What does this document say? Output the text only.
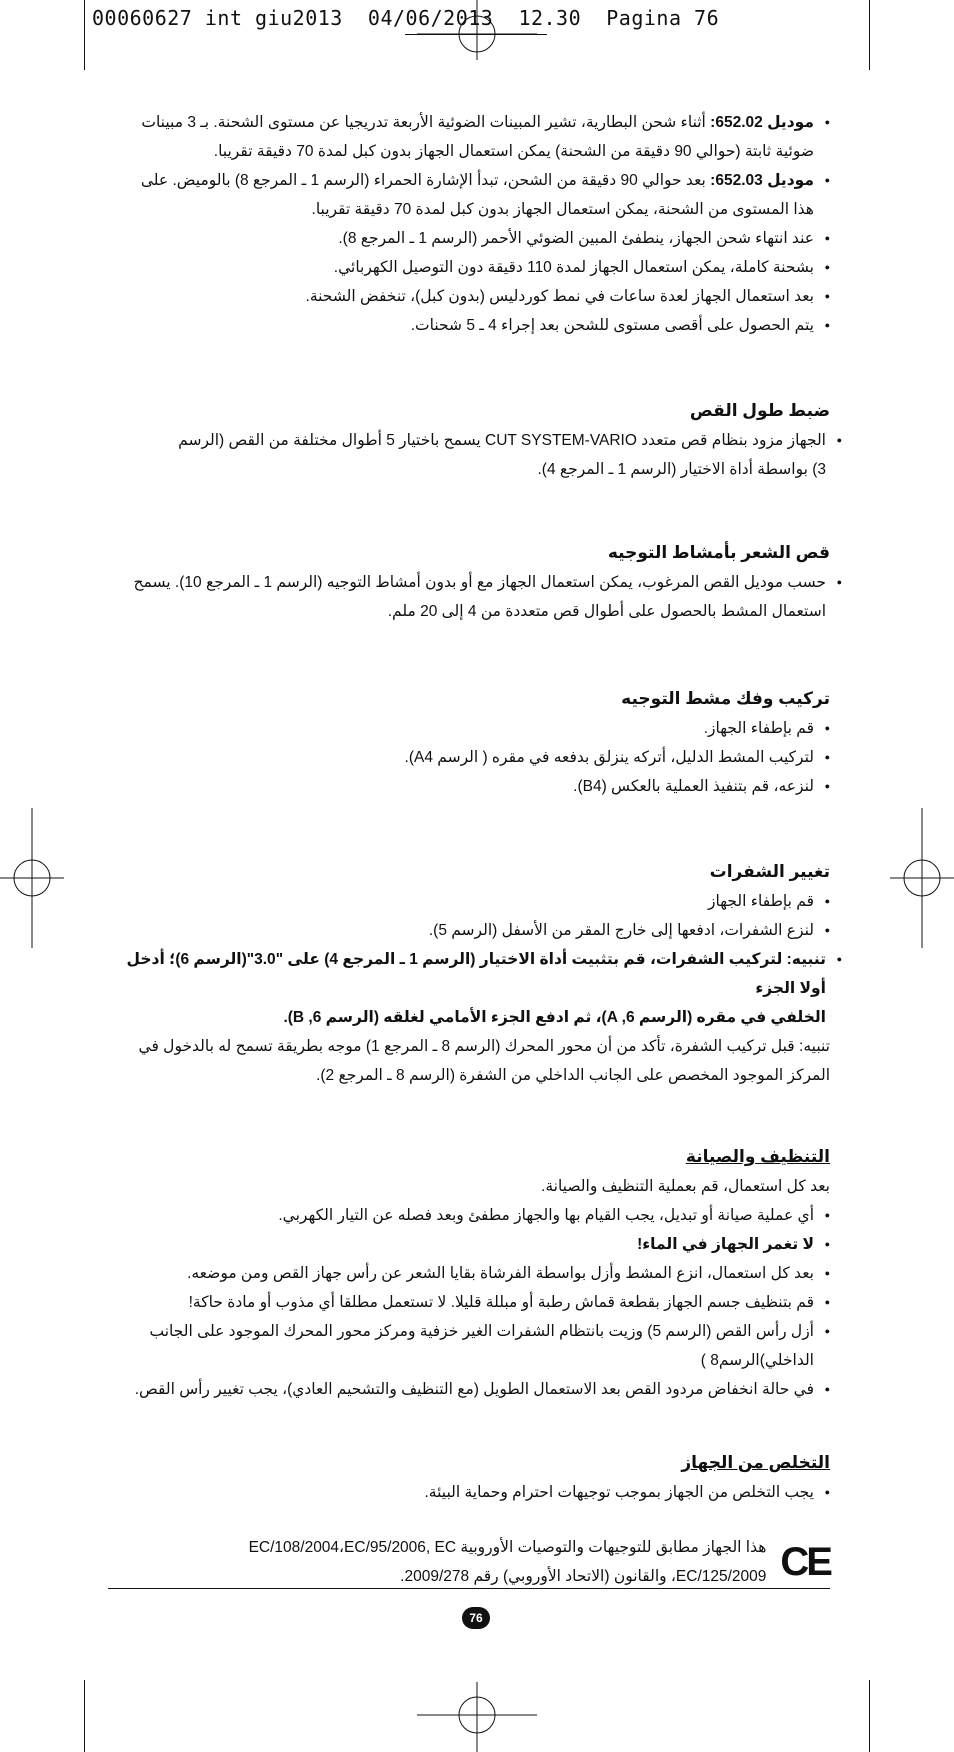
00060627 int giu2013 04/06/2013 12.30 Pagina 76
● موديل 652.02: أثناء شحن البطارية، تشير المبينات الضوئية الأربعة تدريجيا عن مستوى الشحنة. بـ 3 مبينات
ضوئية ثابتة (حوالي 90 دقيقة من الشحنة) يمكن استعمال الجهاز بدون كبل لمدة 70 دقيقة تقريبا.
● موديل 652.03: بعد حوالي 90 دقيقة من الشحن، تبدأ الإشارة الحمراء (الرسم 1 ـ المرجع 8) بالوميض. على
هذا المستوى من الشحنة، يمكن استعمال الجهاز بدون كبل لمدة 70 دقيقة تقريبا.
● عند انتهاء شحن الجهاز، ينطفئ المبين الضوئي الأحمر (الرسم 1 ـ المرجع 8).
● بشحنة كاملة، يمكن استعمال الجهاز لمدة 110 دقيقة دون التوصيل الكهربائي.
● بعد استعمال الجهاز لعدة ساعات في نمط كوردليس (بدون كبل)، تنخفض الشحنة.
● يتم الحصول على أقصى مستوى للشحن بعد إجراء 4 ـ 5 شحنات.
ضبط طول القص
● الجهاز مزود بنظام قص متعدد CUT SYSTEM-VARIO يسمح باختيار 5 أطوال مختلفة من القص (الرسم
3) بواسطة أداة الاختيار (الرسم 1 ـ المرجع 4).
قص الشعر بأمشاط التوجيه
● حسب موديل القص المرغوب، يمكن استعمال الجهاز مع أو بدون أمشاط التوجيه (الرسم 1 ـ المرجع 10). يسمح
استعمال المشط بالحصول على أطوال قص متعددة من 4 إلى 20 ملم.
تركيب وفك مشط التوجيه
● قم بإطفاء الجهاز.
● لتركيب المشط الدليل، أتركه ينزلق بدفعه في مقره ( الرسم A4).
● لنزعه، قم بتنفيذ العملية بالعكس (B4).
تغيير الشفرات
● قم بإطفاء الجهاز
● لنزع الشفرات، ادفعها إلى خارج المقر من الأسفل (الرسم 5).
● تنبيه: لتركيب الشفرات، قم بتثبيت أداة الاختيار (الرسم 1 ـ المرجع 4) على "3.0"(الرسم 6)؛ أدخل أولا الجزء
الخلفي في مقره (الرسم A ,6)، ثم ادفع الجزء الأمامي لغلقه (الرسم B ,6).

تنبيه: قبل تركيب الشفرة، تأكد من أن محور المحرك (الرسم 8 ـ المرجع 1) موجه بطريقة تسمح له بالدخول في

المركز الموجود المخصص على الجانب الداخلي من الشفرة (الرسم 8 ـ المرجع 2).

التنظيف والصيانة

بعد كل استعمال، قم بعملية التنظيف والصيانة.

● أي عملية صيانة أو تبديل، يجب القيام بها والجهاز مطفئ وبعد فصله عن التيار الكهربي.
● لا تغمر الجهاز في الماء!
● بعد كل استعمال، انزع المشط وأزل بواسطة الفرشاة بقايا الشعر عن رأس جهاز القص ومن موضعه.
● قم بتنظيف جسم الجهاز بقطعة قماش رطبة أو مبللة قليلا. لا تستعمل مطلقا أي مذوب أو مادة حاكة!
● أزل رأس القص (الرسم 5) وزيت بانتظام الشفرات الغير خزفية ومركز محور المحرك الموجود على الجانب
الداخلي)الرسم8 )
● في حالة انخفاض مردود القص بعد الاستعمال الطويل (مع التنظيف والتشحيم العادي)، يجب تغيير رأس القص.
التخلص من الجهاز
● يجب التخلص من الجهاز بموجب توجيهات احترام وحماية البيئة.
CE
هذا الجهاز مطابق للتوجيهات والتوصيات الأوروبية EC/108/2004،EC/95/2006, EC
EC/125/2009، والقانون (الاتحاد الأوروبي) رقم 2009/278.
76
